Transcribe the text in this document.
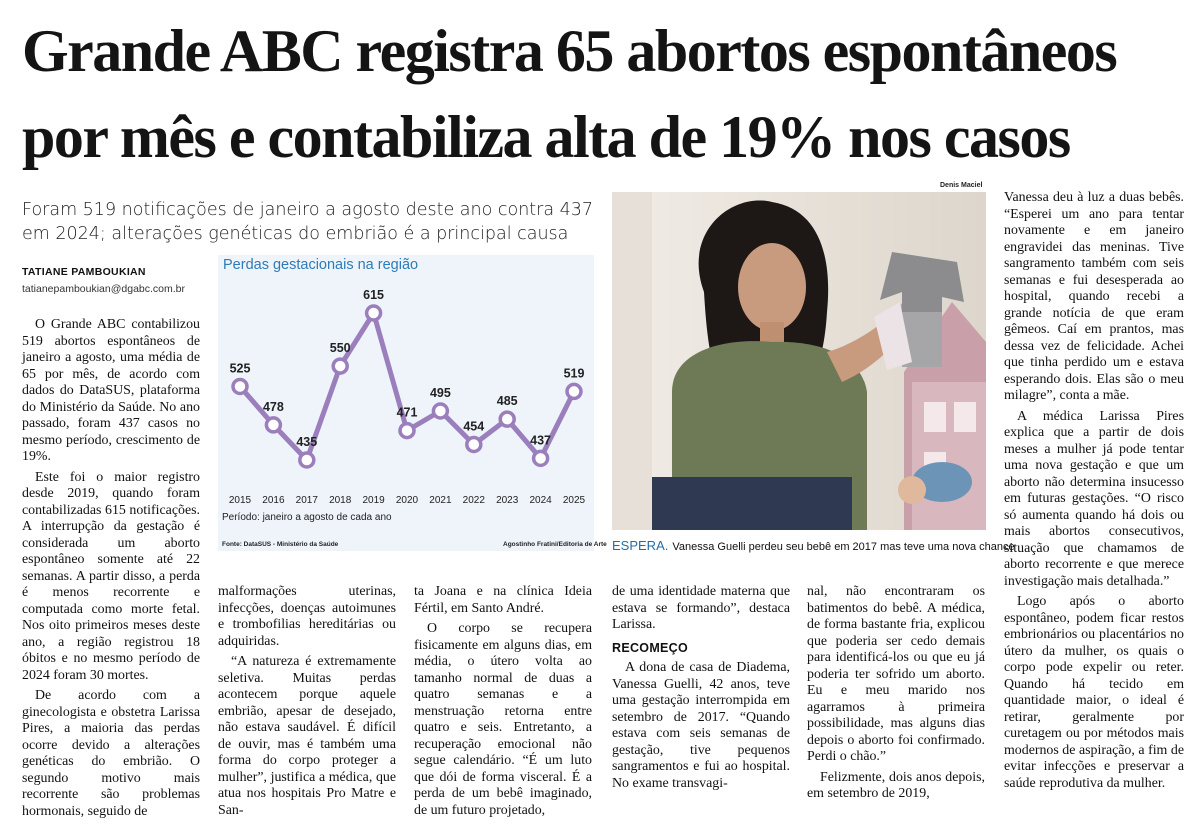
Grande ABC registra 65 abortos espontâneos
por mês e contabiliza alta de 19% nos casos

Foram 519 notificações de janeiro a agosto deste ano contra 437 em 2024; alterações genéticas do embrião é a principal causa

TATIANE PAMBOUKIAN
tatianepamboukian@dgabc.com.br
525
2015
478
2016
435
2017
550
2018
615
2019
471
2020
495
2021
454
2022
485
2023
437
2024
519
2025
Perdas gestacionais na região
Período: janeiro a agosto de cada ano
Fonte: DataSUS - Ministério da Saúde	Agostinho Fratini/Editoria de Arte
Denis Maciel
ESPERA. Vanessa Guelli perdeu seu bebê em 2017 mas teve uma nova chance

O Grande ABC contabilizou 519 abortos espontâneos de janeiro a agosto, uma média de 65 por mês, de acordo com dados do DataSUS, plataforma do Ministério da Saúde. No ano passado, foram 437 casos no mesmo período, crescimento de 19%.

Este foi o maior registro desde 2019, quando foram contabilizadas 615 notificações. A interrupção da gestação é considerada um aborto espontâneo somente até 22 semanas. A partir disso, a perda é menos recorrente e computada como morte fetal. Nos oito primeiros meses deste ano, a região registrou 18 óbitos e no mesmo período de 2024 foram 30 mortes.

De acordo com a ginecologista e obstetra Larissa Pires, a maioria das perdas ocorre devido a alterações genéticas do embrião. O segundo motivo mais recorrente são problemas hormonais, seguido de

malformações uterinas, infecções, doenças autoimunes e trombofilias hereditárias ou adquiridas.

“A natureza é extremamente seletiva. Muitas perdas acontecem porque aquele embrião, apesar de desejado, não estava saudável. É difícil de ouvir, mas é também uma forma do corpo proteger a mulher”, justifica a médica, que atua nos hospitais Pro Matre e San-

ta Joana e na clínica Ideia Fértil, em Santo André.

O corpo se recupera fisicamente em alguns dias, em média, o útero volta ao tamanho normal de duas a quatro semanas e a menstruação retorna entre quatro e seis. Entretanto, a recuperação emocional não segue calendário. “É um luto que dói de forma visceral. É a perda de um bebê imaginado, de um futuro projetado,

de uma identidade materna que estava se formando”, destaca Larissa.

RECOMEÇO

A dona de casa de Diadema, Vanessa Guelli, 42 anos, teve uma gestação interrompida em setembro de 2017. “Quando estava com seis semanas de gestação, tive pequenos sangramentos e fui ao hospital. No exame transvagi-

nal, não encontraram os batimentos do bebê. A médica, de forma bastante fria, explicou que poderia ser cedo demais para identificá-los ou que eu já poderia ter sofrido um aborto. Eu e meu marido nos agarramos à primeira possibilidade, mas alguns dias depois o aborto foi confirmado. Perdi o chão.”

Felizmente, dois anos depois, em setembro de 2019,

Vanessa deu à luz a duas bebês. “Esperei um ano para tentar novamente e em janeiro engravidei das meninas. Tive sangramento também com seis semanas e fui desesperada ao hospital, quando recebi a grande notícia de que eram gêmeos. Caí em prantos, mas dessa vez de felicidade. Achei que tinha perdido um e estava esperando dois. Elas são o meu milagre”, conta a mãe.

A médica Larissa Pires explica que a partir de dois meses a mulher já pode tentar uma nova gestação e que um aborto não determina insucesso em futuras gestações. “O risco só aumenta quando há dois ou mais abortos consecutivos, situação que chamamos de aborto recorrente e que merece investigação mais detalhada.”

Logo após o aborto espontâneo, podem ficar restos embrionários ou placentários no útero da mulher, os quais o corpo pode expelir ou reter. Quando há tecido em quantidade maior, o ideal é retirar, geralmente por curetagem ou por métodos mais modernos de aspiração, a fim de evitar infecções e preservar a saúde reprodutiva da mulher.
